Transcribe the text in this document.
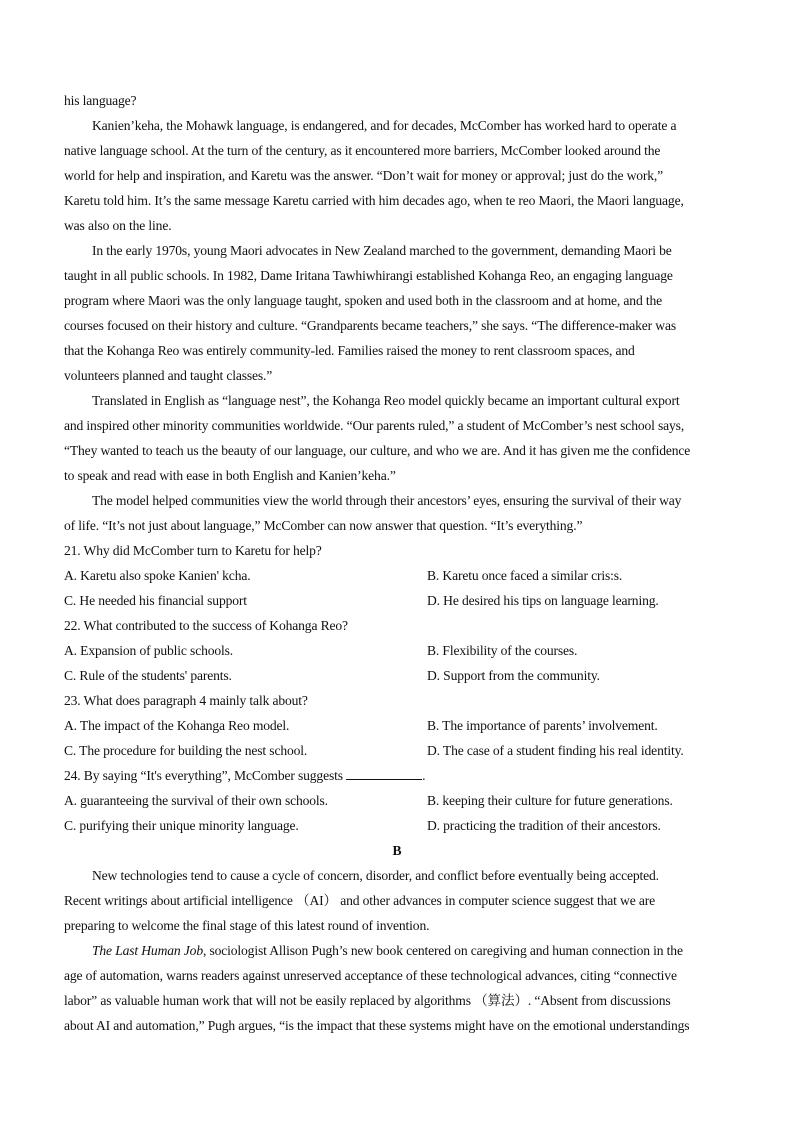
his language?
Kanien’keha, the Mohawk language, is endangered, and for decades, McComber has worked hard to operate a
native language school. At the turn of the century, as it encountered more barriers, McComber looked around the
world for help and inspiration, and Karetu was the answer. “Don’t wait for money or approval; just do the work,”
Karetu told him. It’s the same message Karetu carried with him decades ago, when te reo Maori, the Maori language,
was also on the line.
In the early 1970s, young Maori advocates in New Zealand marched to the government, demanding Maori be
taught in all public schools. In 1982, Dame Iritana Tawhiwhirangi established Kohanga Reo, an engaging language
program where Maori was the only language taught, spoken and used both in the classroom and at home, and the
courses focused on their history and culture. “Grandparents became teachers,” she says. “The difference-maker was
that the Kohanga Reo was entirely community-led. Families raised the money to rent classroom spaces, and
volunteers planned and taught classes.”
Translated in English as “language nest”, the Kohanga Reo model quickly became an important cultural export
and inspired other minority communities worldwide. “Our parents ruled,” a student of McComber’s nest school says,
“They wanted to teach us the beauty of our language, our culture, and who we are. And it has given me the confidence
to speak and read with ease in both English and Kanien’keha.”
The model helped communities view the world through their ancestors’ eyes, ensuring the survival of their way
of life. “It’s not just about language,” McComber can now answer that question. “It’s everything.”
21. Why did McComber turn to Karetu for help?
A. Karetu also spoke Kanien' kcha.	B. Karetu once faced a similar cris:s.
C. He needed his financial support	D. He desired his tips on language learning.
22. What contributed to the success of Kohanga Reo?
A. Expansion of public schools.	B. Flexibility of the courses.
C. Rule of the students' parents.	D. Support from the community.
23. What does paragraph 4 mainly talk about?
A. The impact of the Kohanga Reo model.	B. The importance of parents’ involvement.
C. The procedure for building the nest school.	D. The case of a student finding his real identity.
24. By saying “It's everything”, McComber suggests	.
A. guaranteeing the survival of their own schools.	B. keeping their culture for future generations.
C. purifying their unique minority language.	D. practicing the tradition of their ancestors.
B
New technologies tend to cause a cycle of concern, disorder, and conflict before eventually being accepted.
Recent writings about artificial intelligence （AI） and other advances in computer science suggest that we are
preparing to welcome the final stage of this latest round of invention.
The Last Human Job, sociologist Allison Pugh’s new book centered on caregiving and human connection in the
age of automation, warns readers against unreserved acceptance of these technological advances, citing “connective
labor” as valuable human work that will not be easily replaced by algorithms （算法）. “Absent from discussions
about AI and automation,” Pugh argues, “is the impact that these systems might have on the emotional understandings
